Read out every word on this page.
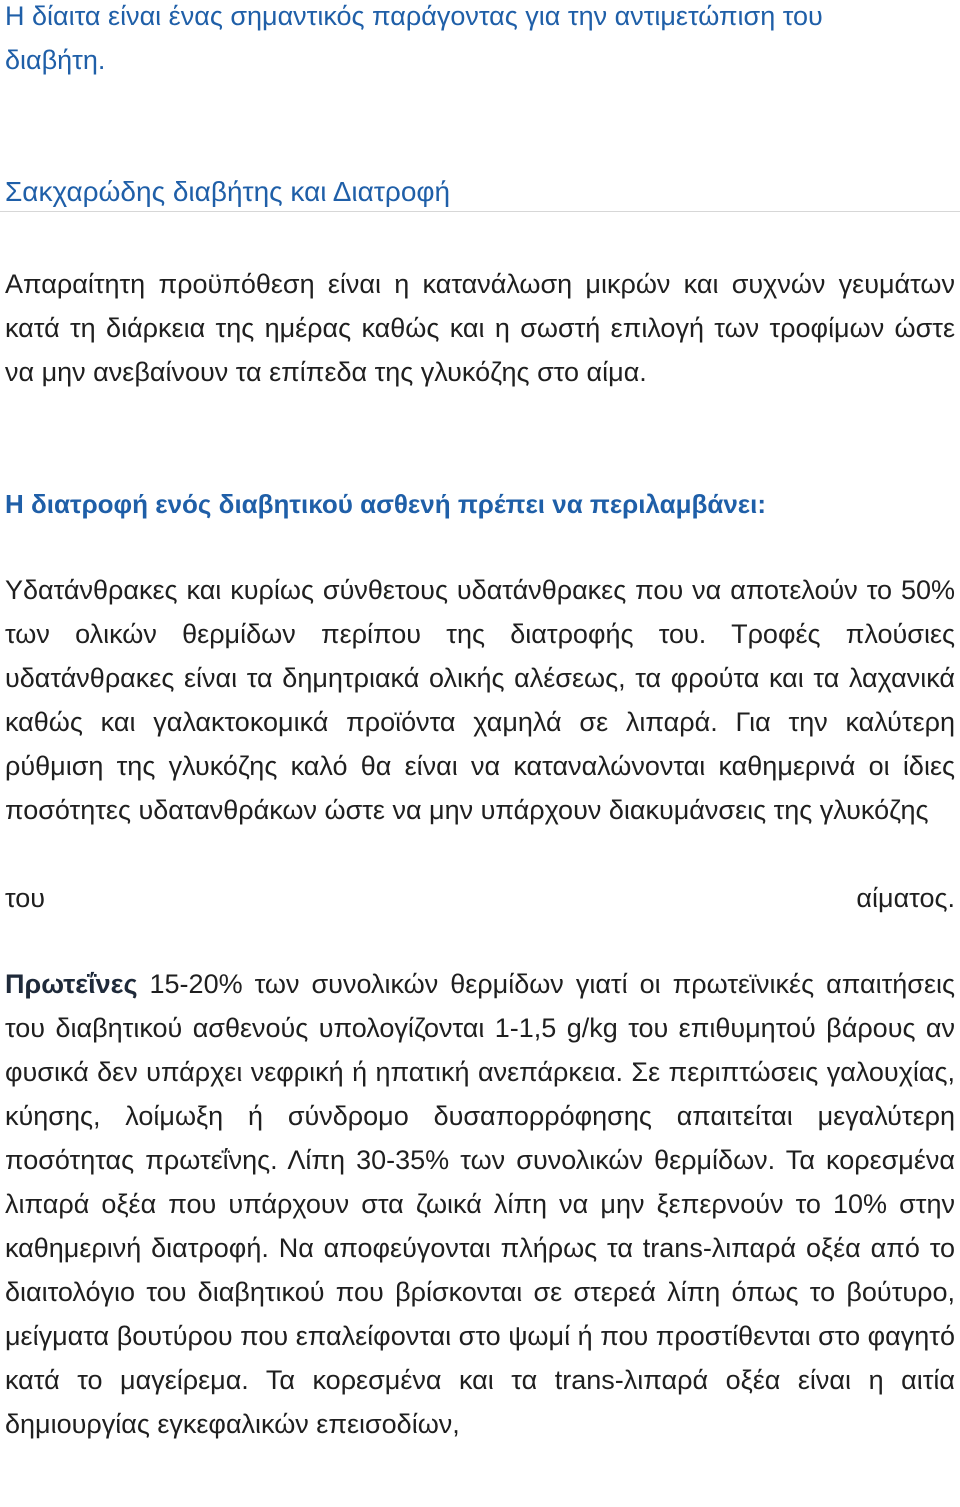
Η δίαιτα είναι ένας σημαντικός παράγοντας για την αντιμετώπιση του
διαβήτη.
Σακχαρώδης διαβήτης και Διατροφή

Απαραίτητη προϋπόθεση είναι η κατανάλωση μικρών και συχνών γευμάτων κατά τη διάρκεια της ημέρας καθώς και η σωστή επιλογή των τροφίμων ώστε να μην ανεβαίνουν τα επίπεδα της γλυκόζης στο αίμα.

Η διατροφή ενός διαβητικού ασθενή πρέπει να περιλαμβάνει:

Υδατάνθρακες και κυρίως σύνθετους υδατάνθρακες που να αποτελούν το 50% των ολικών θερμίδων περίπου της διατροφής του. Τροφές πλούσιες υδατάνθρακες είναι τα δημητριακά ολικής αλέσεως, τα φρούτα και τα λαχανικά καθώς και γαλακτοκομικά προϊόντα χαμηλά σε λιπαρά. Για την καλύτερη ρύθμιση της γλυκόζης καλό θα είναι να καταναλώνονται καθημερινά οι ίδιες ποσότητες υδατανθράκων ώστε να μην υπάρχουν διακυμάνσεις της γλυκόζης

του αίματος.

Πρωτεΐνες 15-20% των συνολικών θερμίδων γιατί οι πρωτεϊνικές απαιτήσεις του διαβητικού ασθενούς υπολογίζονται 1-1,5 g/kg του επιθυμητού βάρους αν φυσικά δεν υπάρχει νεφρική ή ηπατική ανεπάρκεια. Σε περιπτώσεις γαλουχίας, κύησης, λοίμωξη ή σύνδρομο δυσαπορρόφησης απαιτείται μεγαλύτερη ποσότητας πρωτεΐνης. Λίπη 30-35% των συνολικών θερμίδων. Τα κορεσμένα λιπαρά οξέα που υπάρχουν στα ζωικά λίπη να μην ξεπερνούν το 10% στην καθημερινή διατροφή. Να αποφεύγονται πλήρως τα trans-λιπαρά οξέα από το διαιτολόγιο του διαβητικού που βρίσκονται σε στερεά λίπη όπως το βούτυρο, μείγματα βουτύρου που επαλείφονται στο ψωμί ή που προστίθενται στο φαγητό κατά το μαγείρεμα. Τα κορεσμένα και τα trans-λιπαρά οξέα είναι η αιτία δημιουργίας εγκεφαλικών επεισοδίων,
